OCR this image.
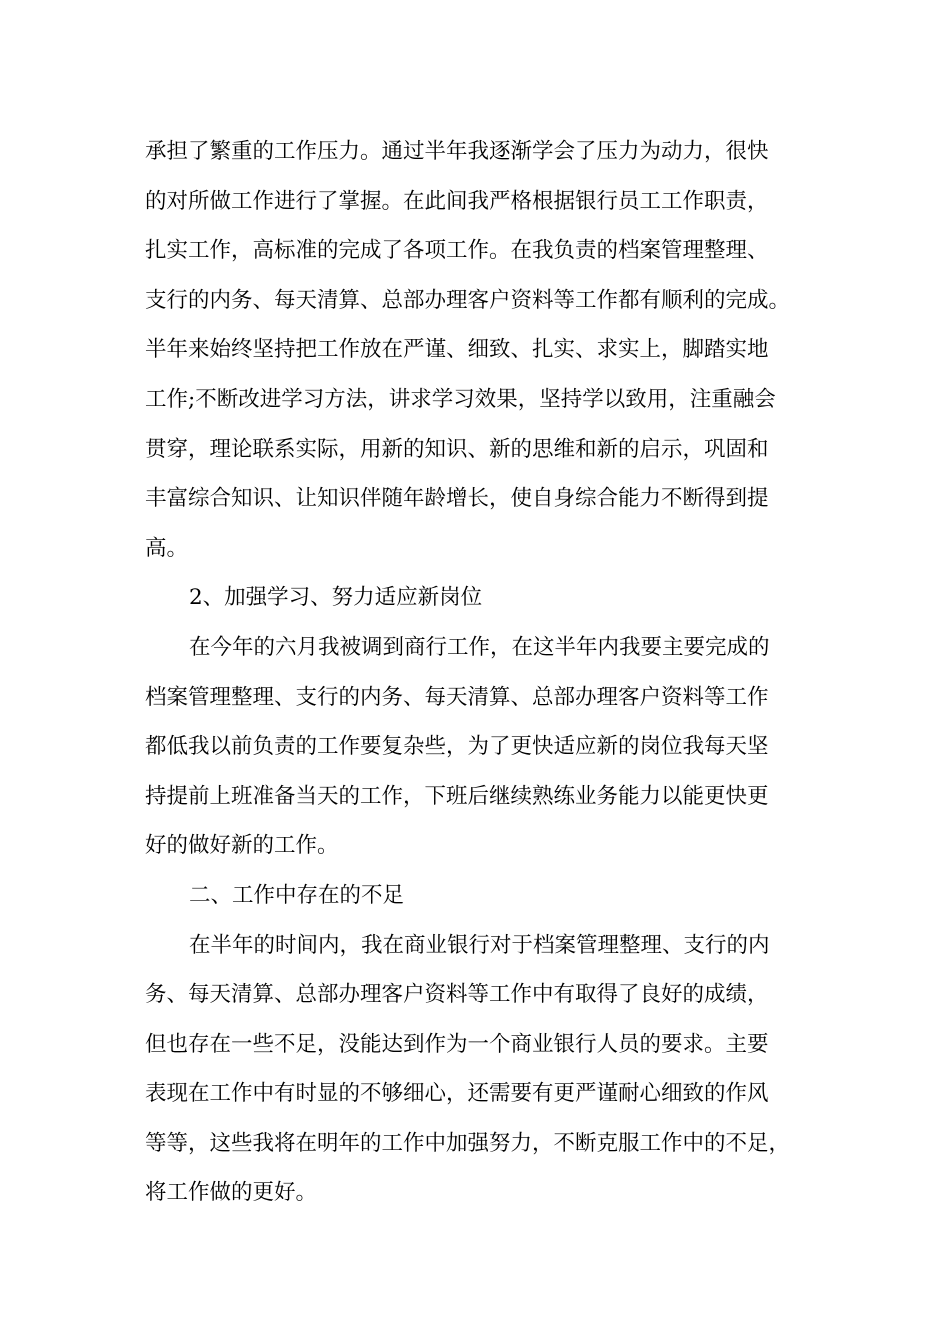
承担了繁重的工作压力。通过半年我逐渐学会了压力为动力，很快
的对所做工作进行了掌握。在此间我严格根据银行员工工作职责，
扎实工作，高标准的完成了各项工作。在我负责的档案管理整理、
支行的内务、每天清算、总部办理客户资料等工作都有顺利的完成。
半年来始终坚持把工作放在严谨、细致、扎实、求实上，脚踏实地
工作;不断改进学习方法，讲求学习效果，坚持学以致用，注重融会
贯穿，理论联系实际，用新的知识、新的思维和新的启示，巩固和
丰富综合知识、让知识伴随年龄增长，使自身综合能力不断得到提
高。
2、加强学习、努力适应新岗位
在今年的六月我被调到商行工作，在这半年内我要主要完成的
档案管理整理、支行的内务、每天清算、总部办理客户资料等工作
都低我以前负责的工作要复杂些，为了更快适应新的岗位我每天坚
持提前上班准备当天的工作，下班后继续熟练业务能力以能更快更
好的做好新的工作。
二、工作中存在的不足
在半年的时间内，我在商业银行对于档案管理整理、支行的内
务、每天清算、总部办理客户资料等工作中有取得了良好的成绩，
但也存在一些不足，没能达到作为一个商业银行人员的要求。主要
表现在工作中有时显的不够细心，还需要有更严谨耐心细致的作风
等等，这些我将在明年的工作中加强努力，不断克服工作中的不足，
将工作做的更好。
